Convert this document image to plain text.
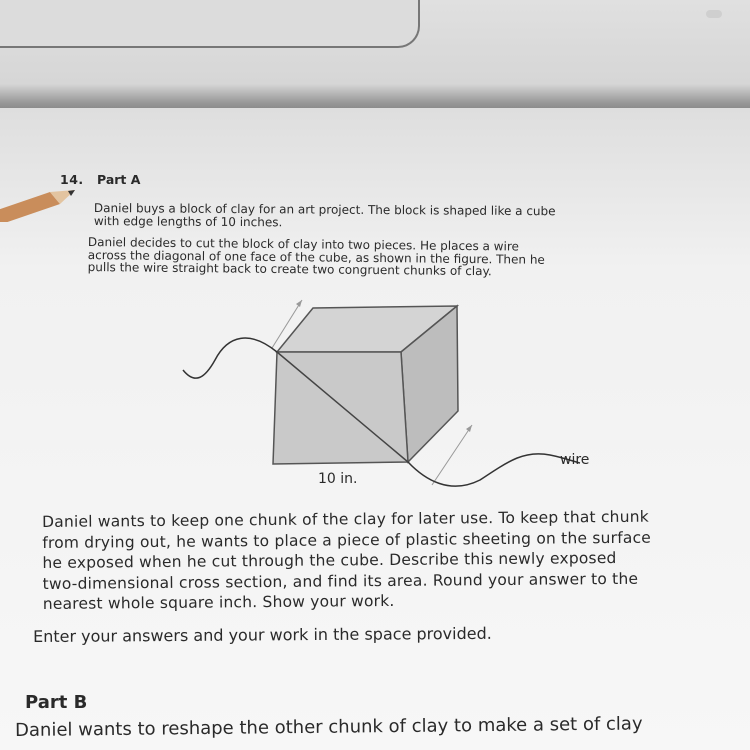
14. Part A
Daniel buys a block of clay for an art project. The block is shaped like a cube
with edge lengths of 10 inches.
Daniel decides to cut the block of clay into two pieces. He places a wire
across the diagonal of one face of the cube, as shown in the figure. Then he
pulls the wire straight back to create two congruent chunks of clay.
wire
10 in.
Daniel wants to keep one chunk of the clay for later use. To keep that chunk
from drying out, he wants to place a piece of plastic sheeting on the surface
he exposed when he cut through the cube. Describe this newly exposed
two-dimensional cross section, and find its area. Round your answer to the
nearest whole square inch. Show your work.
Enter your answers and your work in the space provided.
Part B
Daniel wants to reshape the other chunk of clay to make a set of clay
